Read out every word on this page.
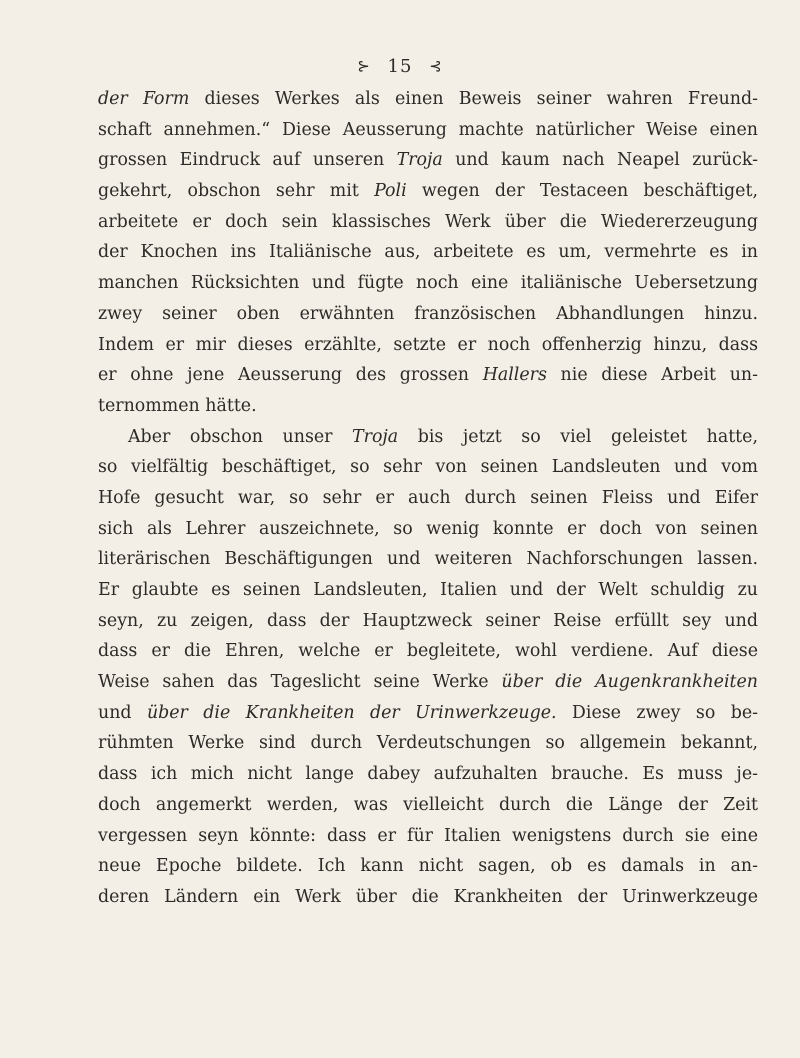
⊱ 15 ⊰
der Form dieses Werkes als einen Beweis seiner wahren Freund-
schaft annehmen.“ Diese Aeusserung machte natürlicher Weise einen
grossen Eindruck auf unseren Troja und kaum nach Neapel zurück-
gekehrt, obschon sehr mit Poli wegen der Testaceen beschäftiget,
arbeitete er doch sein klassisches Werk über die Wiedererzeugung
der Knochen ins Italiänische aus, arbeitete es um, vermehrte es in
manchen Rücksichten und fügte noch eine italiänische Uebersetzung
zwey seiner oben erwähnten französischen Abhandlungen hinzu.
Indem er mir dieses erzählte, setzte er noch offenherzig hinzu, dass
er ohne jene Aeusserung des grossen Hallers nie diese Arbeit un-
ternommen hätte.
Aber obschon unser Troja bis jetzt so viel geleistet hatte,
so vielfältig beschäftiget, so sehr von seinen Landsleuten und vom
Hofe gesucht war, so sehr er auch durch seinen Fleiss und Eifer
sich als Lehrer auszeichnete, so wenig konnte er doch von seinen
literärischen Beschäftigungen und weiteren Nachforschungen lassen.
Er glaubte es seinen Landsleuten, Italien und der Welt schuldig zu
seyn, zu zeigen, dass der Hauptzweck seiner Reise erfüllt sey und
dass er die Ehren, welche er begleitete, wohl verdiene. Auf diese
Weise sahen das Tageslicht seine Werke über die Augenkrankheiten
und über die Krankheiten der Urinwerkzeuge. Diese zwey so be-
rühmten Werke sind durch Verdeutschungen so allgemein bekannt,
dass ich mich nicht lange dabey aufzuhalten brauche. Es muss je-
doch angemerkt werden, was vielleicht durch die Länge der Zeit
vergessen seyn könnte: dass er für Italien wenigstens durch sie eine
neue Epoche bildete. Ich kann nicht sagen, ob es damals in an-
deren Ländern ein Werk über die Krankheiten der Urinwerkzeuge
